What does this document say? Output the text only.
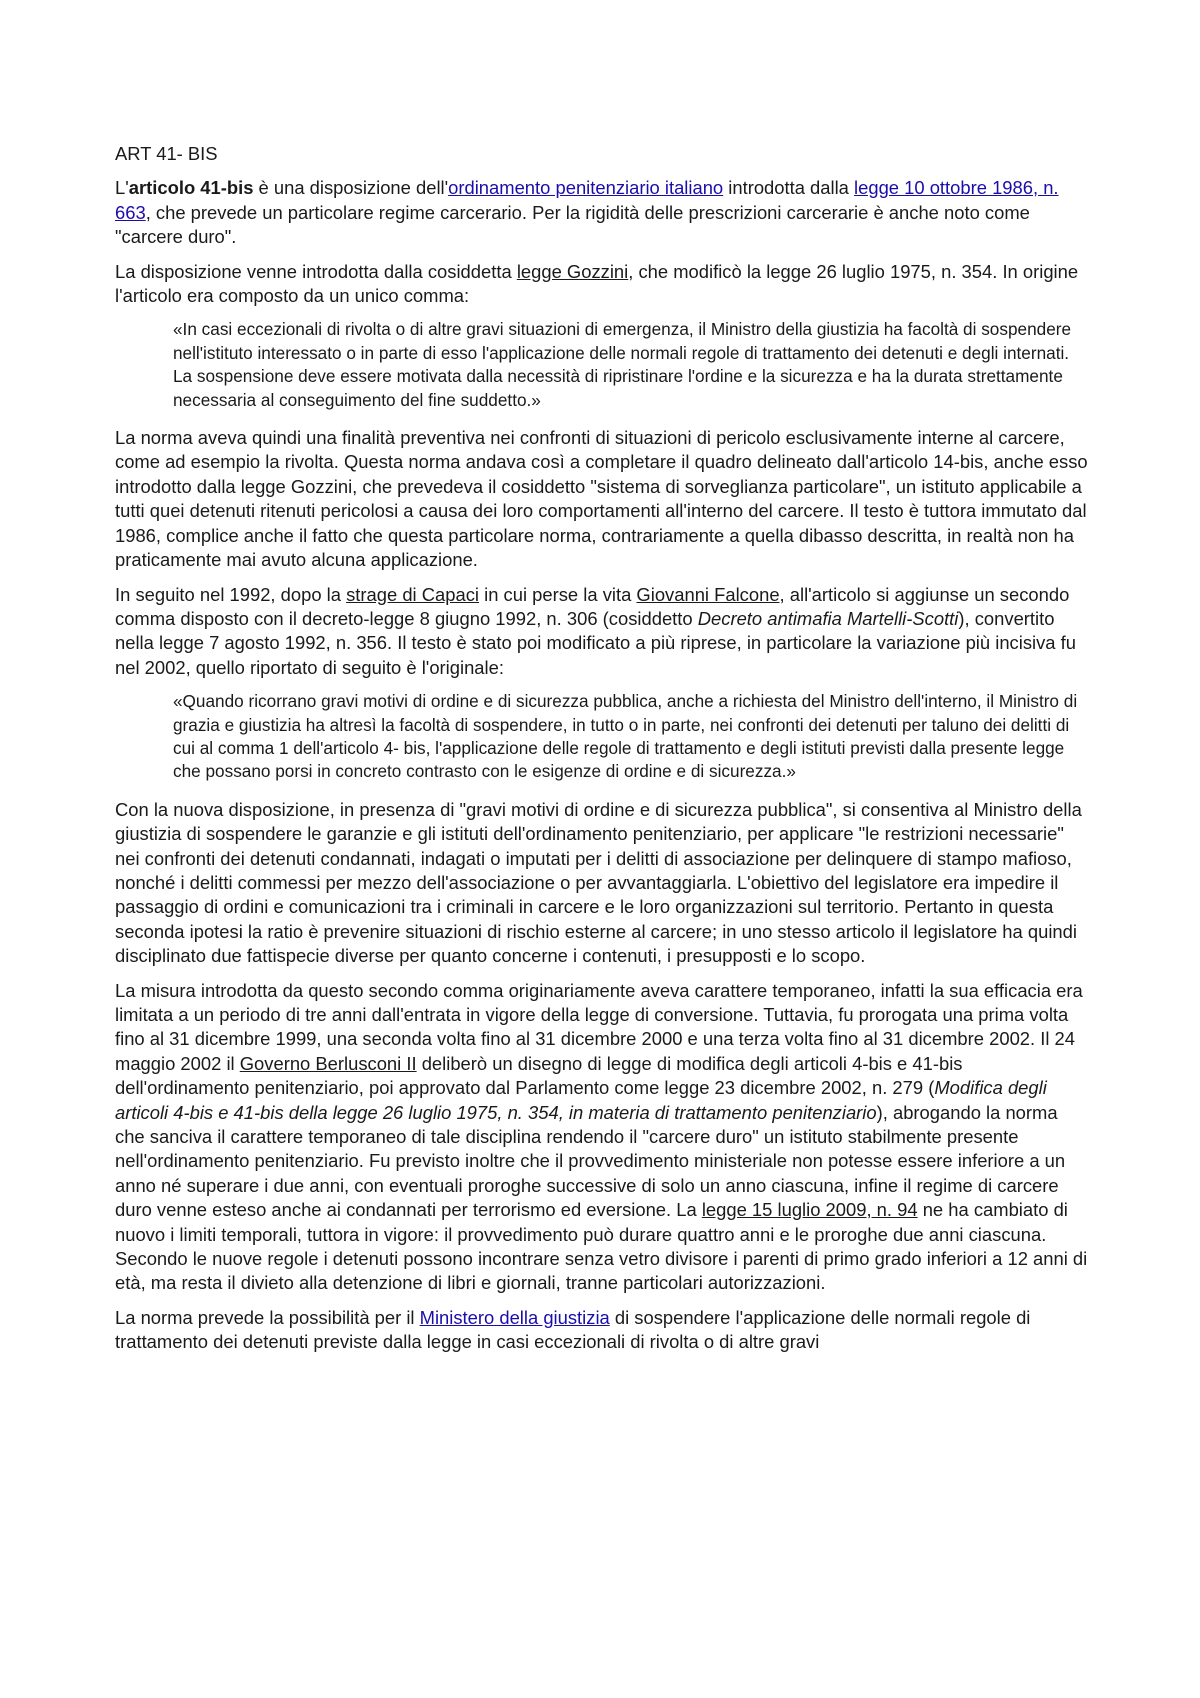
ART 41- BIS

L'articolo 41-bis è una disposizione dell'ordinamento penitenziario italiano introdotta dalla legge 10 ottobre 1986, n. 663, che prevede un particolare regime carcerario. Per la rigidità delle prescrizioni carcerarie è anche noto come "carcere duro".

La disposizione venne introdotta dalla cosiddetta legge Gozzini, che modificò la legge 26 luglio 1975, n. 354. In origine l'articolo era composto da un unico comma:

«In casi eccezionali di rivolta o di altre gravi situazioni di emergenza, il Ministro della giustizia ha facoltà di sospendere nell'istituto interessato o in parte di esso l'applicazione delle normali regole di trattamento dei detenuti e degli internati. La sospensione deve essere motivata dalla necessità di ripristinare l'ordine e la sicurezza e ha la durata strettamente necessaria al conseguimento del fine suddetto.»

La norma aveva quindi una finalità preventiva nei confronti di situazioni di pericolo esclusivamente interne al carcere, come ad esempio la rivolta. Questa norma andava così a completare il quadro delineato dall'articolo 14-bis, anche esso introdotto dalla legge Gozzini, che prevedeva il cosiddetto "sistema di sorveglianza particolare", un istituto applicabile a tutti quei detenuti ritenuti pericolosi a causa dei loro comportamenti all'interno del carcere. Il testo è tuttora immutato dal 1986, complice anche il fatto che questa particolare norma, contrariamente a quella dibasso descritta, in realtà non ha praticamente mai avuto alcuna applicazione.

In seguito nel 1992, dopo la strage di Capaci in cui perse la vita Giovanni Falcone, all'articolo si aggiunse un secondo comma disposto con il decreto-legge 8 giugno 1992, n. 306 (cosiddetto Decreto antimafia Martelli-Scotti), convertito nella legge 7 agosto 1992, n. 356. Il testo è stato poi modificato a più riprese, in particolare la variazione più incisiva fu nel 2002, quello riportato di seguito è l'originale:

«Quando ricorrano gravi motivi di ordine e di sicurezza pubblica, anche a richiesta del Ministro dell'interno, il Ministro di grazia e giustizia ha altresì la facoltà di sospendere, in tutto o in parte, nei confronti dei detenuti per taluno dei delitti di cui al comma 1 dell'articolo 4- bis, l'applicazione delle regole di trattamento e degli istituti previsti dalla presente legge che possano porsi in concreto contrasto con le esigenze di ordine e di sicurezza.»

Con la nuova disposizione, in presenza di "gravi motivi di ordine e di sicurezza pubblica", si consentiva al Ministro della giustizia di sospendere le garanzie e gli istituti dell'ordinamento penitenziario, per applicare "le restrizioni necessarie" nei confronti dei detenuti condannati, indagati o imputati per i delitti di associazione per delinquere di stampo mafioso, nonché i delitti commessi per mezzo dell'associazione o per avvantaggiarla. L'obiettivo del legislatore era impedire il passaggio di ordini e comunicazioni tra i criminali in carcere e le loro organizzazioni sul territorio. Pertanto in questa seconda ipotesi la ratio è prevenire situazioni di rischio esterne al carcere; in uno stesso articolo il legislatore ha quindi disciplinato due fattispecie diverse per quanto concerne i contenuti, i presupposti e lo scopo.

La misura introdotta da questo secondo comma originariamente aveva carattere temporaneo, infatti la sua efficacia era limitata a un periodo di tre anni dall'entrata in vigore della legge di conversione. Tuttavia, fu prorogata una prima volta fino al 31 dicembre 1999, una seconda volta fino al 31 dicembre 2000 e una terza volta fino al 31 dicembre 2002. Il 24 maggio 2002 il Governo Berlusconi II deliberò un disegno di legge di modifica degli articoli 4-bis e 41-bis dell'ordinamento penitenziario, poi approvato dal Parlamento come legge 23 dicembre 2002, n. 279 (Modifica degli articoli 4-bis e 41-bis della legge 26 luglio 1975, n. 354, in materia di trattamento penitenziario), abrogando la norma che sanciva il carattere temporaneo di tale disciplina rendendo il "carcere duro" un istituto stabilmente presente nell'ordinamento penitenziario. Fu previsto inoltre che il provvedimento ministeriale non potesse essere inferiore a un anno né superare i due anni, con eventuali proroghe successive di solo un anno ciascuna, infine il regime di carcere duro venne esteso anche ai condannati per terrorismo ed eversione. La legge 15 luglio 2009, n. 94 ne ha cambiato di nuovo i limiti temporali, tuttora in vigore: il provvedimento può durare quattro anni e le proroghe due anni ciascuna. Secondo le nuove regole i detenuti possono incontrare senza vetro divisore i parenti di primo grado inferiori a 12 anni di età, ma resta il divieto alla detenzione di libri e giornali, tranne particolari autorizzazioni.

La norma prevede la possibilità per il Ministero della giustizia di sospendere l'applicazione delle normali regole di trattamento dei detenuti previste dalla legge in casi eccezionali di rivolta o di altre gravi
